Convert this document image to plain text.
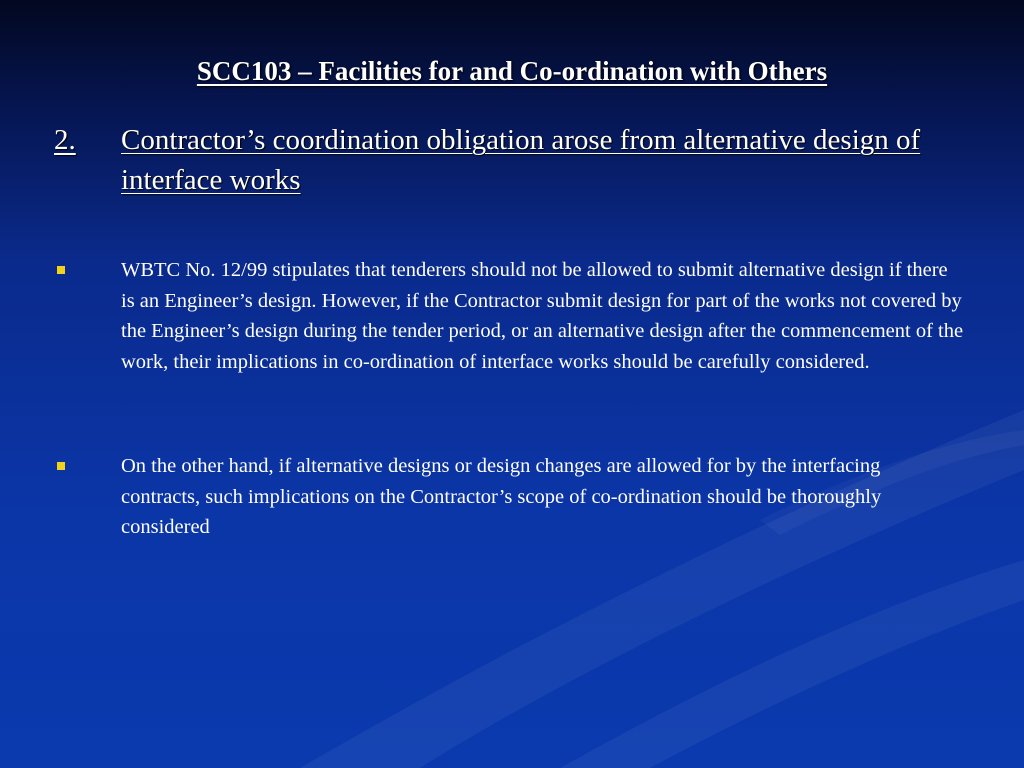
SCC103 – Facilities for and Co-ordination with Others
2. Contractor’s coordination obligation arose from alternative design of interface works
WBTC No. 12/99 stipulates that tenderers should not be allowed to submit alternative design if there is an Engineer’s design. However, if the Contractor submit design for part of the works not covered by the Engineer’s design during the tender period, or an alternative design after the commencement of the work, their implications in co-ordination of interface works should be carefully considered.
On the other hand, if alternative designs or design changes are allowed for by the interfacing contracts, such implications on the Contractor’s scope of co-ordination should be thoroughly considered
